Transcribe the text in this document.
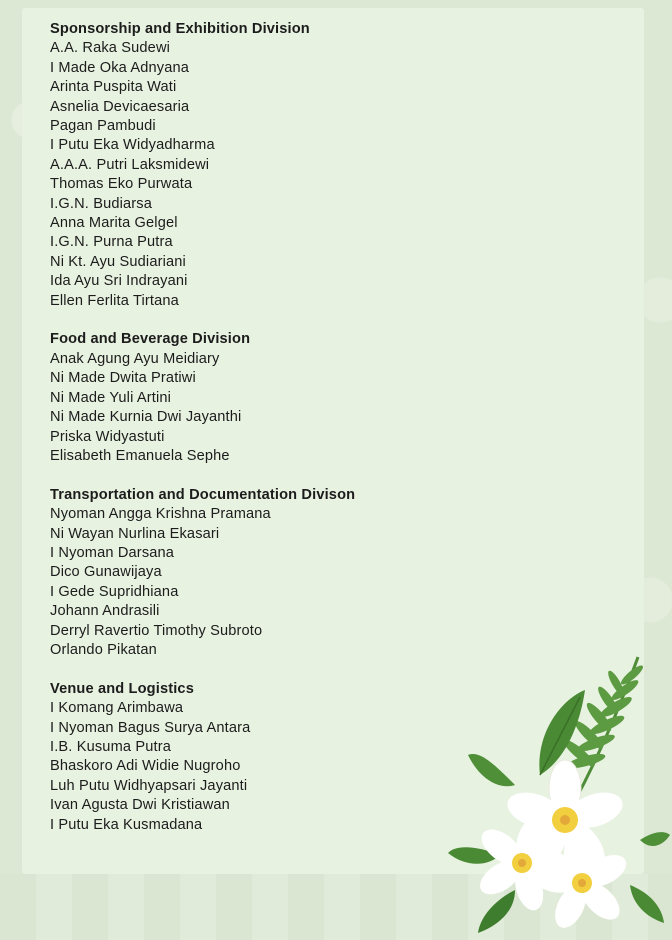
Sponsorship and Exhibition Division
A.A. Raka Sudewi
I Made Oka Adnyana
Arinta Puspita Wati
Asnelia Devicaesaria
Pagan Pambudi
I Putu Eka Widyadharma
A.A.A. Putri Laksmidewi
Thomas Eko Purwata
I.G.N. Budiarsa
Anna Marita Gelgel
I.G.N. Purna Putra
Ni Kt. Ayu Sudiariani
Ida Ayu Sri Indrayani
Ellen Ferlita Tirtana
Food and Beverage Division
Anak Agung Ayu Meidiary
Ni Made Dwita Pratiwi
Ni Made Yuli Artini
Ni Made Kurnia Dwi Jayanthi
Priska Widyastuti
Elisabeth Emanuela Sephe
Transportation and Documentation Divison
Nyoman Angga Krishna Pramana
Ni Wayan Nurlina Ekasari
I Nyoman Darsana
Dico Gunawijaya
I Gede Supridhiana
Johann Andrasili
Derryl Ravertio Timothy Subroto
Orlando Pikatan
Venue and Logistics
I Komang Arimbawa
I Nyoman Bagus Surya Antara
I.B. Kusuma Putra
Bhaskoro Adi Widie Nugroho
Luh Putu Widhyapsari Jayanti
Ivan Agusta Dwi Kristiawan
I Putu Eka Kusmadana
